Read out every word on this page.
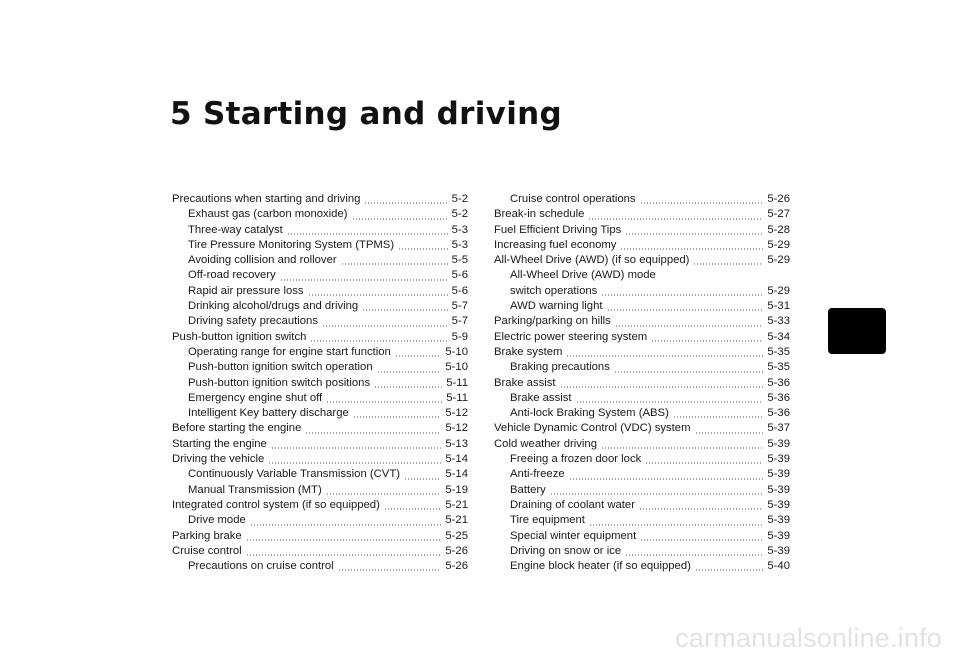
5 Starting and driving
Precautions when starting and driving	5-2
Exhaust gas (carbon monoxide)	5-2
Three-way catalyst	5-3
Tire Pressure Monitoring System (TPMS)	5-3
Avoiding collision and rollover	5-5
Off-road recovery	5-6
Rapid air pressure loss	5-6
Drinking alcohol/drugs and driving	5-7
Driving safety precautions	5-7
Push-button ignition switch	5-9
Operating range for engine start function	5-10
Push-button ignition switch operation	5-10
Push-button ignition switch positions	5-11
Emergency engine shut off	5-11
Intelligent Key battery discharge	5-12
Before starting the engine	5-12
Starting the engine	5-13
Driving the vehicle	5-14
Continuously Variable Transmission (CVT)	5-14
Manual Transmission (MT)	5-19
Integrated control system (if so equipped)	5-21
Drive mode	5-21
Parking brake	5-25
Cruise control	5-26
Precautions on cruise control	5-26
Cruise control operations	5-26
Break-in schedule	5-27
Fuel Efficient Driving Tips	5-28
Increasing fuel economy	5-29
All-Wheel Drive (AWD) (if so equipped)	5-29
All-Wheel Drive (AWD) mode
switch operations	5-29
AWD warning light	5-31
Parking/parking on hills	5-33
Electric power steering system	5-34
Brake system	5-35
Braking precautions	5-35
Brake assist	5-36
Brake assist	5-36
Anti-lock Braking System (ABS)	5-36
Vehicle Dynamic Control (VDC) system	5-37
Cold weather driving	5-39
Freeing a frozen door lock	5-39
Anti-freeze	5-39
Battery	5-39
Draining of coolant water	5-39
Tire equipment	5-39
Special winter equipment	5-39
Driving on snow or ice	5-39
Engine block heater (if so equipped)	5-40
carmanualsonline.info
